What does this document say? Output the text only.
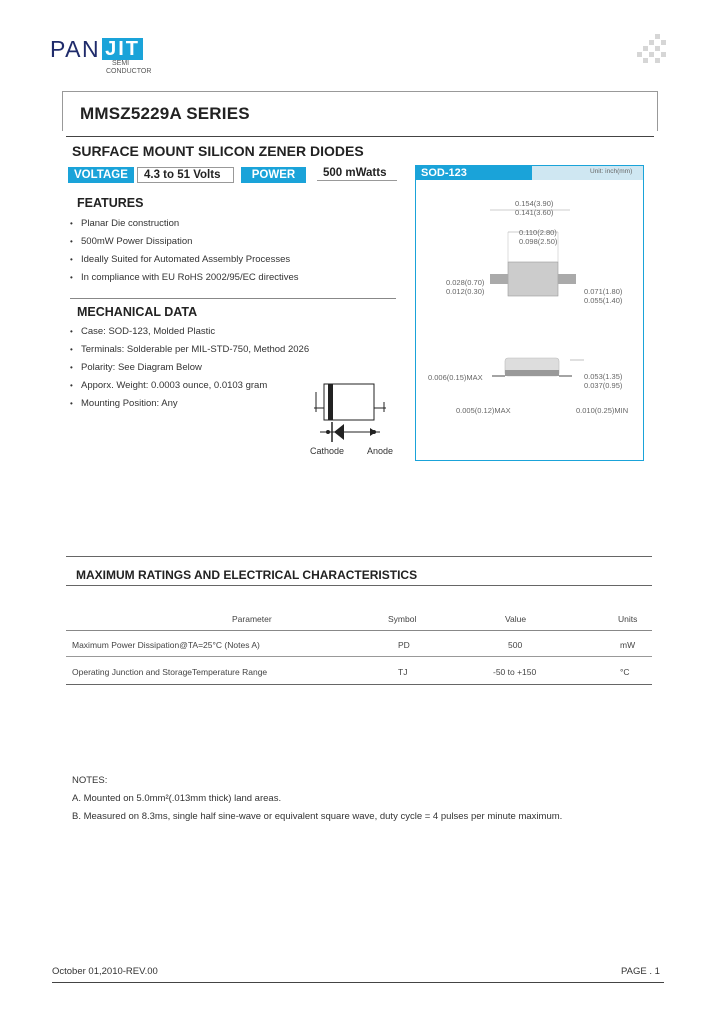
PAN JIT
SEMI
CONDUCTOR
MMSZ5229A SERIES
SURFACE MOUNT SILICON ZENER DIODES
VOLTAGE	4.3 to 51 Volts	POWER	500 mWatts
FEATURES
• Planar Die construction
• 500mW Power Dissipation
• Ideally Suited for Automated Assembly Processes
• In compliance with EU RoHS 2002/95/EC directives
MECHANICAL DATA
• Case: SOD-123, Molded Plastic
• Terminals: Solderable per MIL-STD-750, Method 2026
• Polarity: See Diagram Below
• Apporx. Weight: 0.0003 ounce, 0.0103 gram
• Mounting Position: Any
Cathode	Anode
SOD-123	Unit: inch(mm)
0.154(3.90)
0.141(3.60)
0.110(2.80)
0.098(2.50)
0.028(0.70)
0.012(0.30)	0.071(1.80)
0.055(1.40)
0.006(0.15)MAX	0.053(1.35)
0.037(0.95)
0.005(0.12)MAX	0.010(0.25)MIN
MAXIMUM RATINGS AND ELECTRICAL CHARACTERISTICS
Parameter	Symbol	Value	Units
Maximum Power Dissipation@TA=25°C (Notes A)	PD	500	mW
Operating Junction and StorageTemperature Range	TJ	-50 to +150	°C
NOTES:
A. Mounted on 5.0mm²(.013mm thick) land areas.
B. Measured on 8.3ms, single half sine-wave or equivalent square wave, duty cycle = 4 pulses per minute maximum.
October 01,2010-REV.00	PAGE . 1
